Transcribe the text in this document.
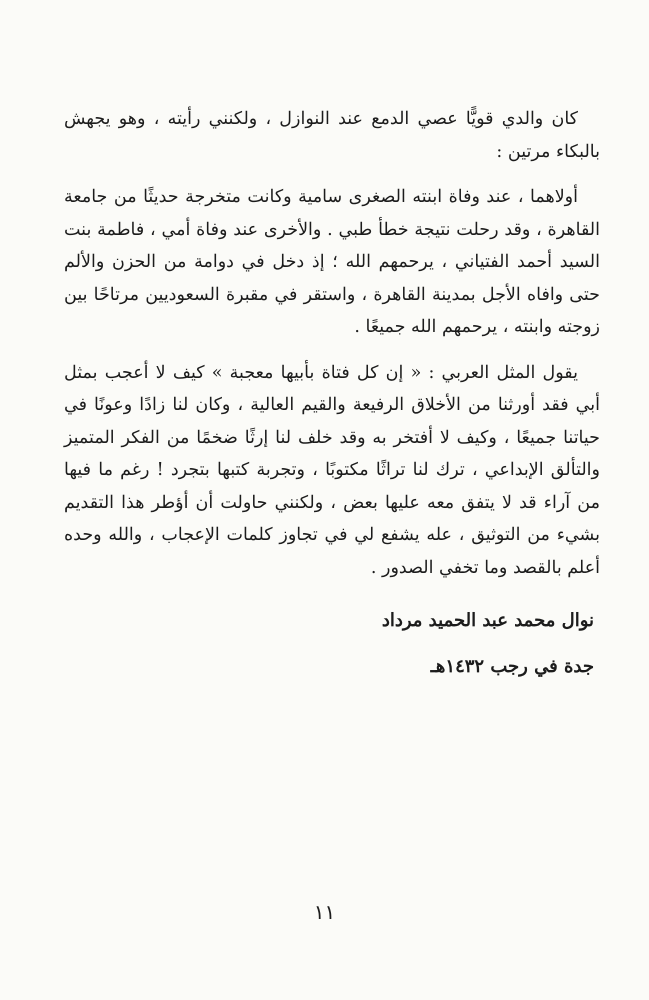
كان والدي قويًّا عصي الدمع عند النوازل ، ولكنني رأيته ، وهو يجهش بالبكاء مرتين :

أولاهما ، عند وفاة ابنته الصغرى سامية وكانت متخرجة حديثًا من جامعة القاهرة ، وقد رحلت نتيجة خطأ طبي . والأخرى عند وفاة أمي ، فاطمة بنت السيد أحمد الفتياني ، يرحمهم الله ؛ إذ دخل في دوامة من الحزن والألم حتى وافاه الأجل بمدينة القاهرة ، واستقر في مقبرة السعوديين مرتاحًا بين زوجته وابنته ، يرحمهم الله جميعًا .

يقول المثل العربي : « إن كل فتاة بأبيها معجبة » كيف لا أعجب بمثل أبي فقد أورثنا من الأخلاق الرفيعة والقيم العالية ، وكان لنا زادًا وعونًا في حياتنا جميعًا ، وكيف لا أفتخر به وقد خلف لنا إرثًا ضخمًا من الفكر المتميز والتألق الإبداعي ، ترك لنا تراثًا مكتوبًا ، وتجربة كتبها بتجرد ! رغم ما فيها من آراء قد لا يتفق معه عليها بعض ، ولكنني حاولت أن أؤطر هذا التقديم بشيء من التوثيق ، عله يشفع لي في تجاوز كلمات الإعجاب ، والله وحده أعلم بالقصد وما تخفي الصدور .

نوال محمد عبد الحميد مرداد

جدة في رجب ١٤٣٢هـ

١١
